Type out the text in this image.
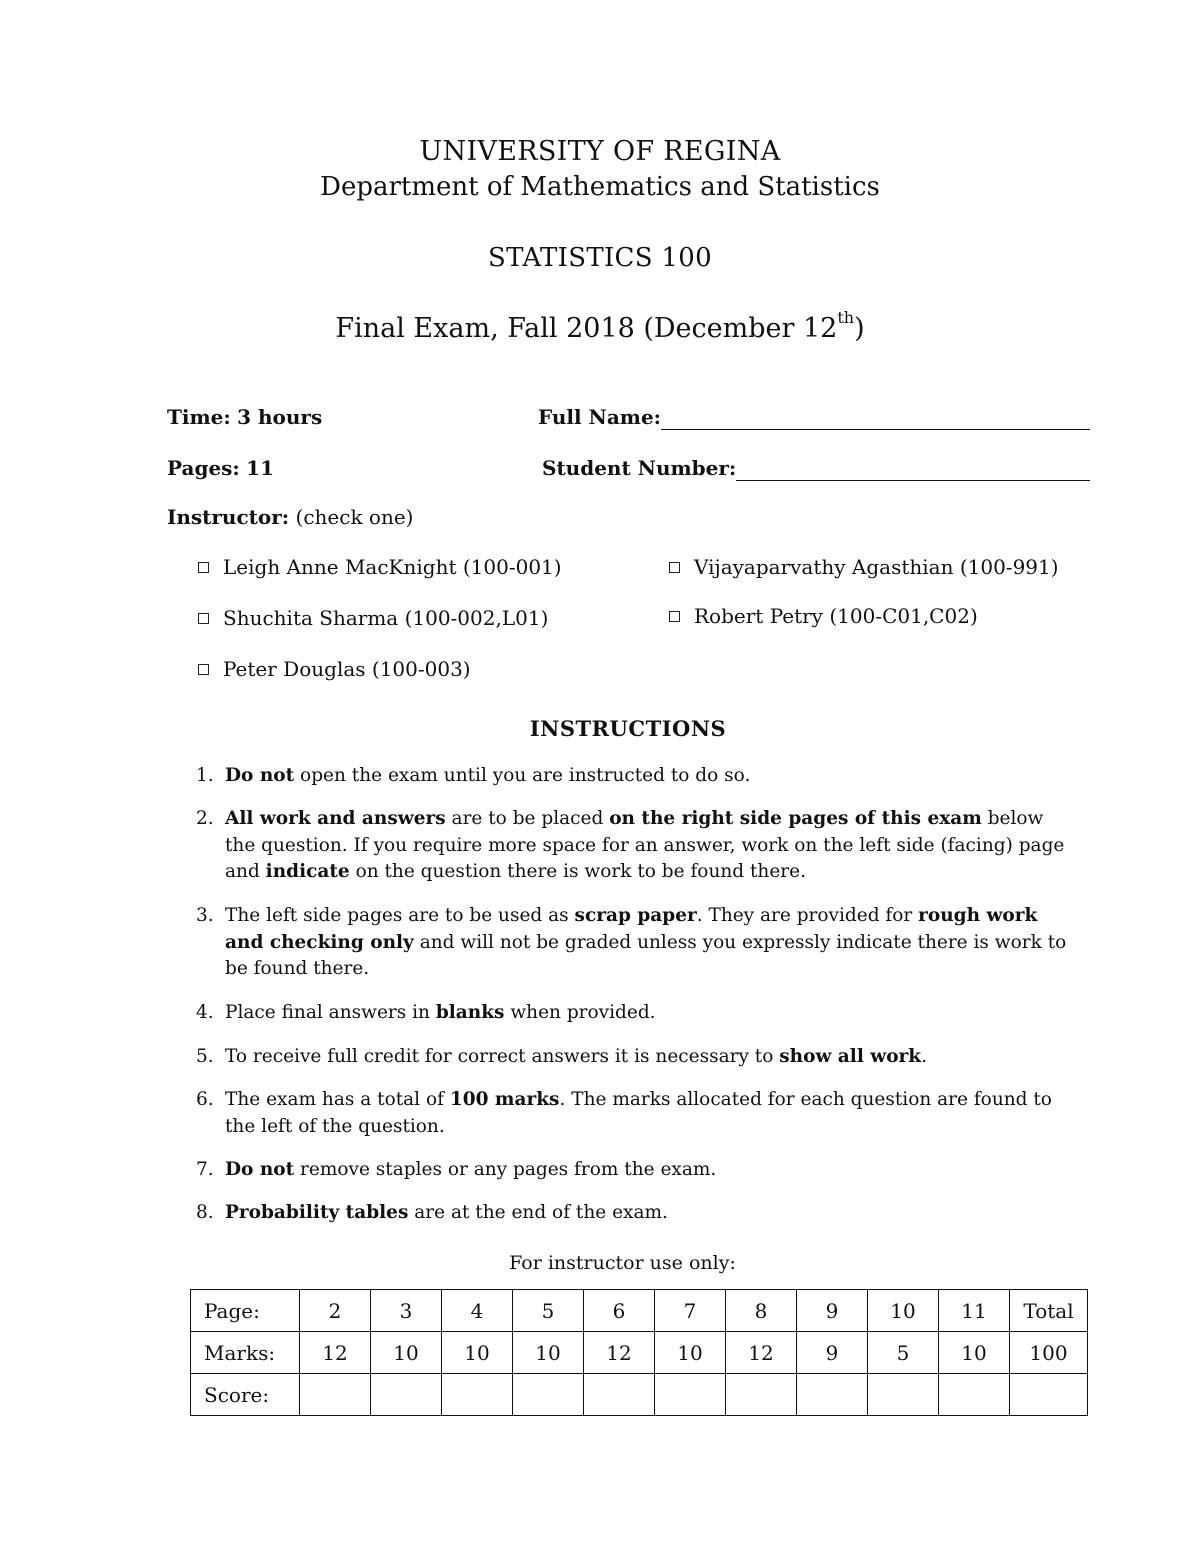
UNIVERSITY OF REGINA
Department of Mathematics and Statistics
STATISTICS 100
Final Exam, Fall 2018 (December 12th)
Time: 3 hours	Full Name:
Pages: 11	Student Number:
Instructor: (check one)
Leigh Anne MacKnight (100-001)
Shuchita Sharma (100-002,L01)
Peter Douglas (100-003)
Vijayaparvathy Agasthian (100-991)
Robert Petry (100-C01,C02)
INSTRUCTIONS
1. Do not open the exam until you are instructed to do so.
2. All work and answers are to be placed on the right side pages of this exam below the question. If you require more space for an answer, work on the left side (facing) page and indicate on the question there is work to be found there.
3. The left side pages are to be used as scrap paper. They are provided for rough work and checking only and will not be graded unless you expressly indicate there is work to be found there.
4. Place final answers in blanks when provided.
5. To receive full credit for correct answers it is necessary to show all work.
6. The exam has a total of 100 marks. The marks allocated for each question are found to the left of the question.
7. Do not remove staples or any pages from the exam.
8. Probability tables are at the end of the exam.
For instructor use only:
Page:	2	3	4	5	6	7	8	9	10	11	Total
Marks:	12	10	10	10	12	10	12	9	5	10	100
Score:											
